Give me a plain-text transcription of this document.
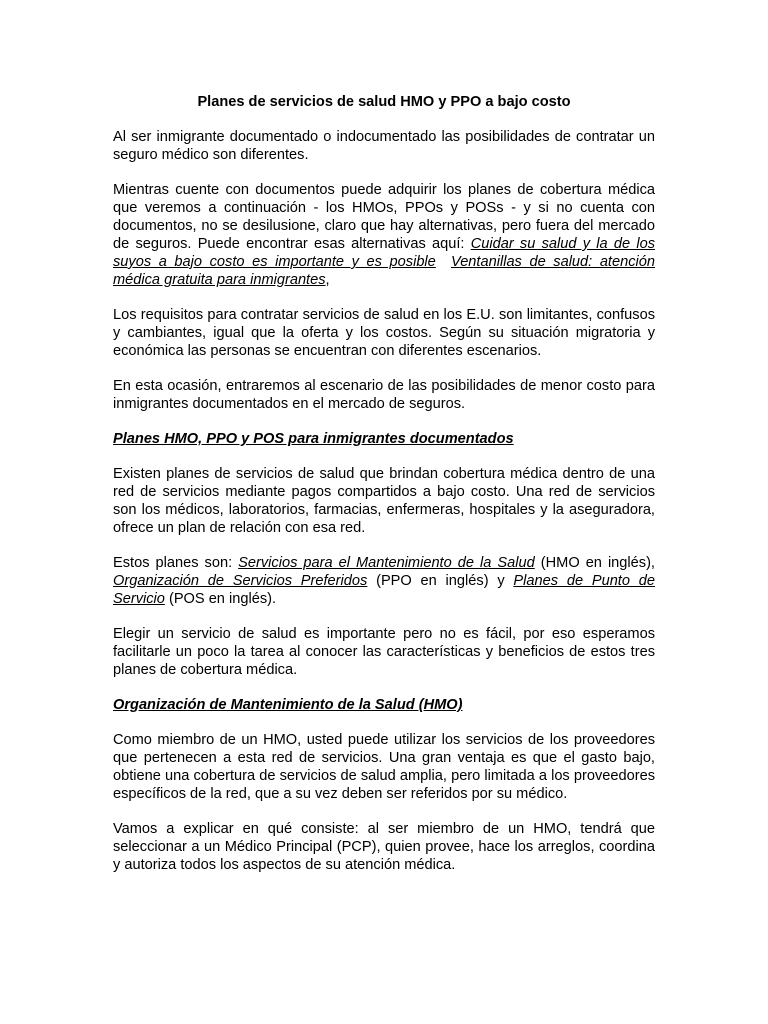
Planes de servicios de salud HMO y PPO a bajo costo

Al ser inmigrante documentado o indocumentado las posibilidades de contratar un seguro médico son diferentes.

Mientras cuente con documentos puede adquirir los planes de cobertura médica que veremos a continuación - los HMOs, PPOs y POSs - y si no cuenta con documentos, no se desilusione, claro que hay alternativas, pero fuera del mercado de seguros. Puede encontrar esas alternativas aquí: Cuidar su salud y la de los suyos a bajo costo es importante y es posible Ventanillas de salud: atención médica gratuita para inmigrantes,

Los requisitos para contratar servicios de salud en los E.U. son limitantes, confusos y cambiantes, igual que la oferta y los costos. Según su situación migratoria y económica las personas se encuentran con diferentes escenarios.

En esta ocasión, entraremos al escenario de las posibilidades de menor costo para inmigrantes documentados en el mercado de seguros.

Planes HMO, PPO y POS para inmigrantes documentados

Existen planes de servicios de salud que brindan cobertura médica dentro de una red de servicios mediante pagos compartidos a bajo costo. Una red de servicios son los médicos, laboratorios, farmacias, enfermeras, hospitales y la aseguradora, ofrece un plan de relación con esa red.

Estos planes son: Servicios para el Mantenimiento de la Salud (HMO en inglés), Organización de Servicios Preferidos (PPO en inglés) y Planes de Punto de Servicio (POS en inglés).

Elegir un servicio de salud es importante pero no es fácil, por eso esperamos facilitarle un poco la tarea al conocer las características y beneficios de estos tres planes de cobertura médica.

Organización de Mantenimiento de la Salud (HMO)

Como miembro de un HMO, usted puede utilizar los servicios de los proveedores que pertenecen a esta red de servicios. Una gran ventaja es que el gasto bajo, obtiene una cobertura de servicios de salud amplia, pero limitada a los proveedores específicos de la red, que a su vez deben ser referidos por su médico.

Vamos a explicar en qué consiste: al ser miembro de un HMO, tendrá que seleccionar a un Médico Principal (PCP), quien provee, hace los arreglos, coordina y autoriza todos los aspectos de su atención médica.
